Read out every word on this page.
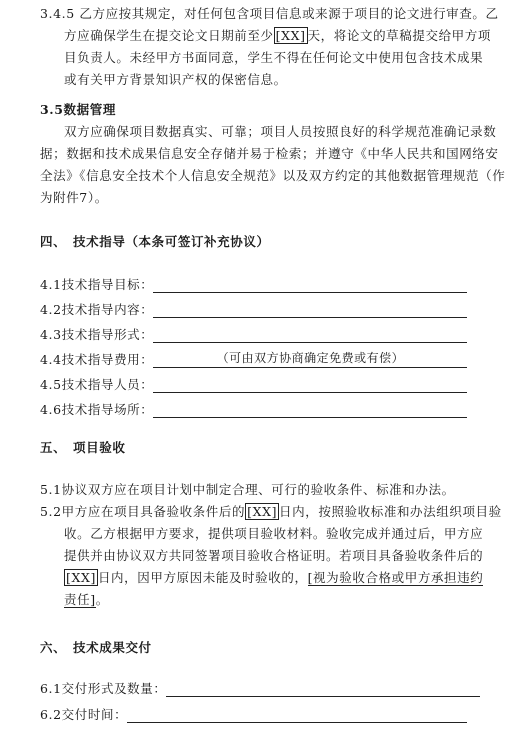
3.4.5 乙方应按其规定，对任何包含项目信息或来源于项目的论文进行审查。乙
方应确保学生在提交论文日期前至少 [XX] 天，将论文的草稿提交给甲方项
目负责人。未经甲方书面同意，学生不得在任何论文中使用包含技术成果
或有关甲方背景知识产权的保密信息。
3.5数据管理
双方应确保项目数据真实、可靠；项目人员按照良好的科学规范准确记录数
据；数据和技术成果信息安全存储并易于检索；并遵守《中华人民共和国网络安
全法》《信息安全技术个人信息安全规范》以及双方约定的其他数据管理规范（作
为附件7）。
四、　技术指导（本条可签订补充协议）
4.1技术指导目标：
4.2技术指导内容：
4.3技术指导形式：
4.4技术指导费用：	（可由双方协商确定免费或有偿）
4.5技术指导人员：
4.6技术指导场所：
五、　项目验收
5.1协议双方应在项目计划中制定合理、可行的验收条件、标准和办法。
5.2甲方应在项目具备验收条件后的 [XX] 日内，按照验收标准和办法组织项目验
收。乙方根据甲方要求，提供项目验收材料。验收完成并通过后，甲方应
提供并由协议双方共同签署项目验收合格证明。若项目具备验收条件后的
[XX] 日内，因甲方原因未能及时验收的，[视为验收合格或甲方承担违约
责任]。
六、　技术成果交付
6.1交付形式及数量：
6.2交付时间：
